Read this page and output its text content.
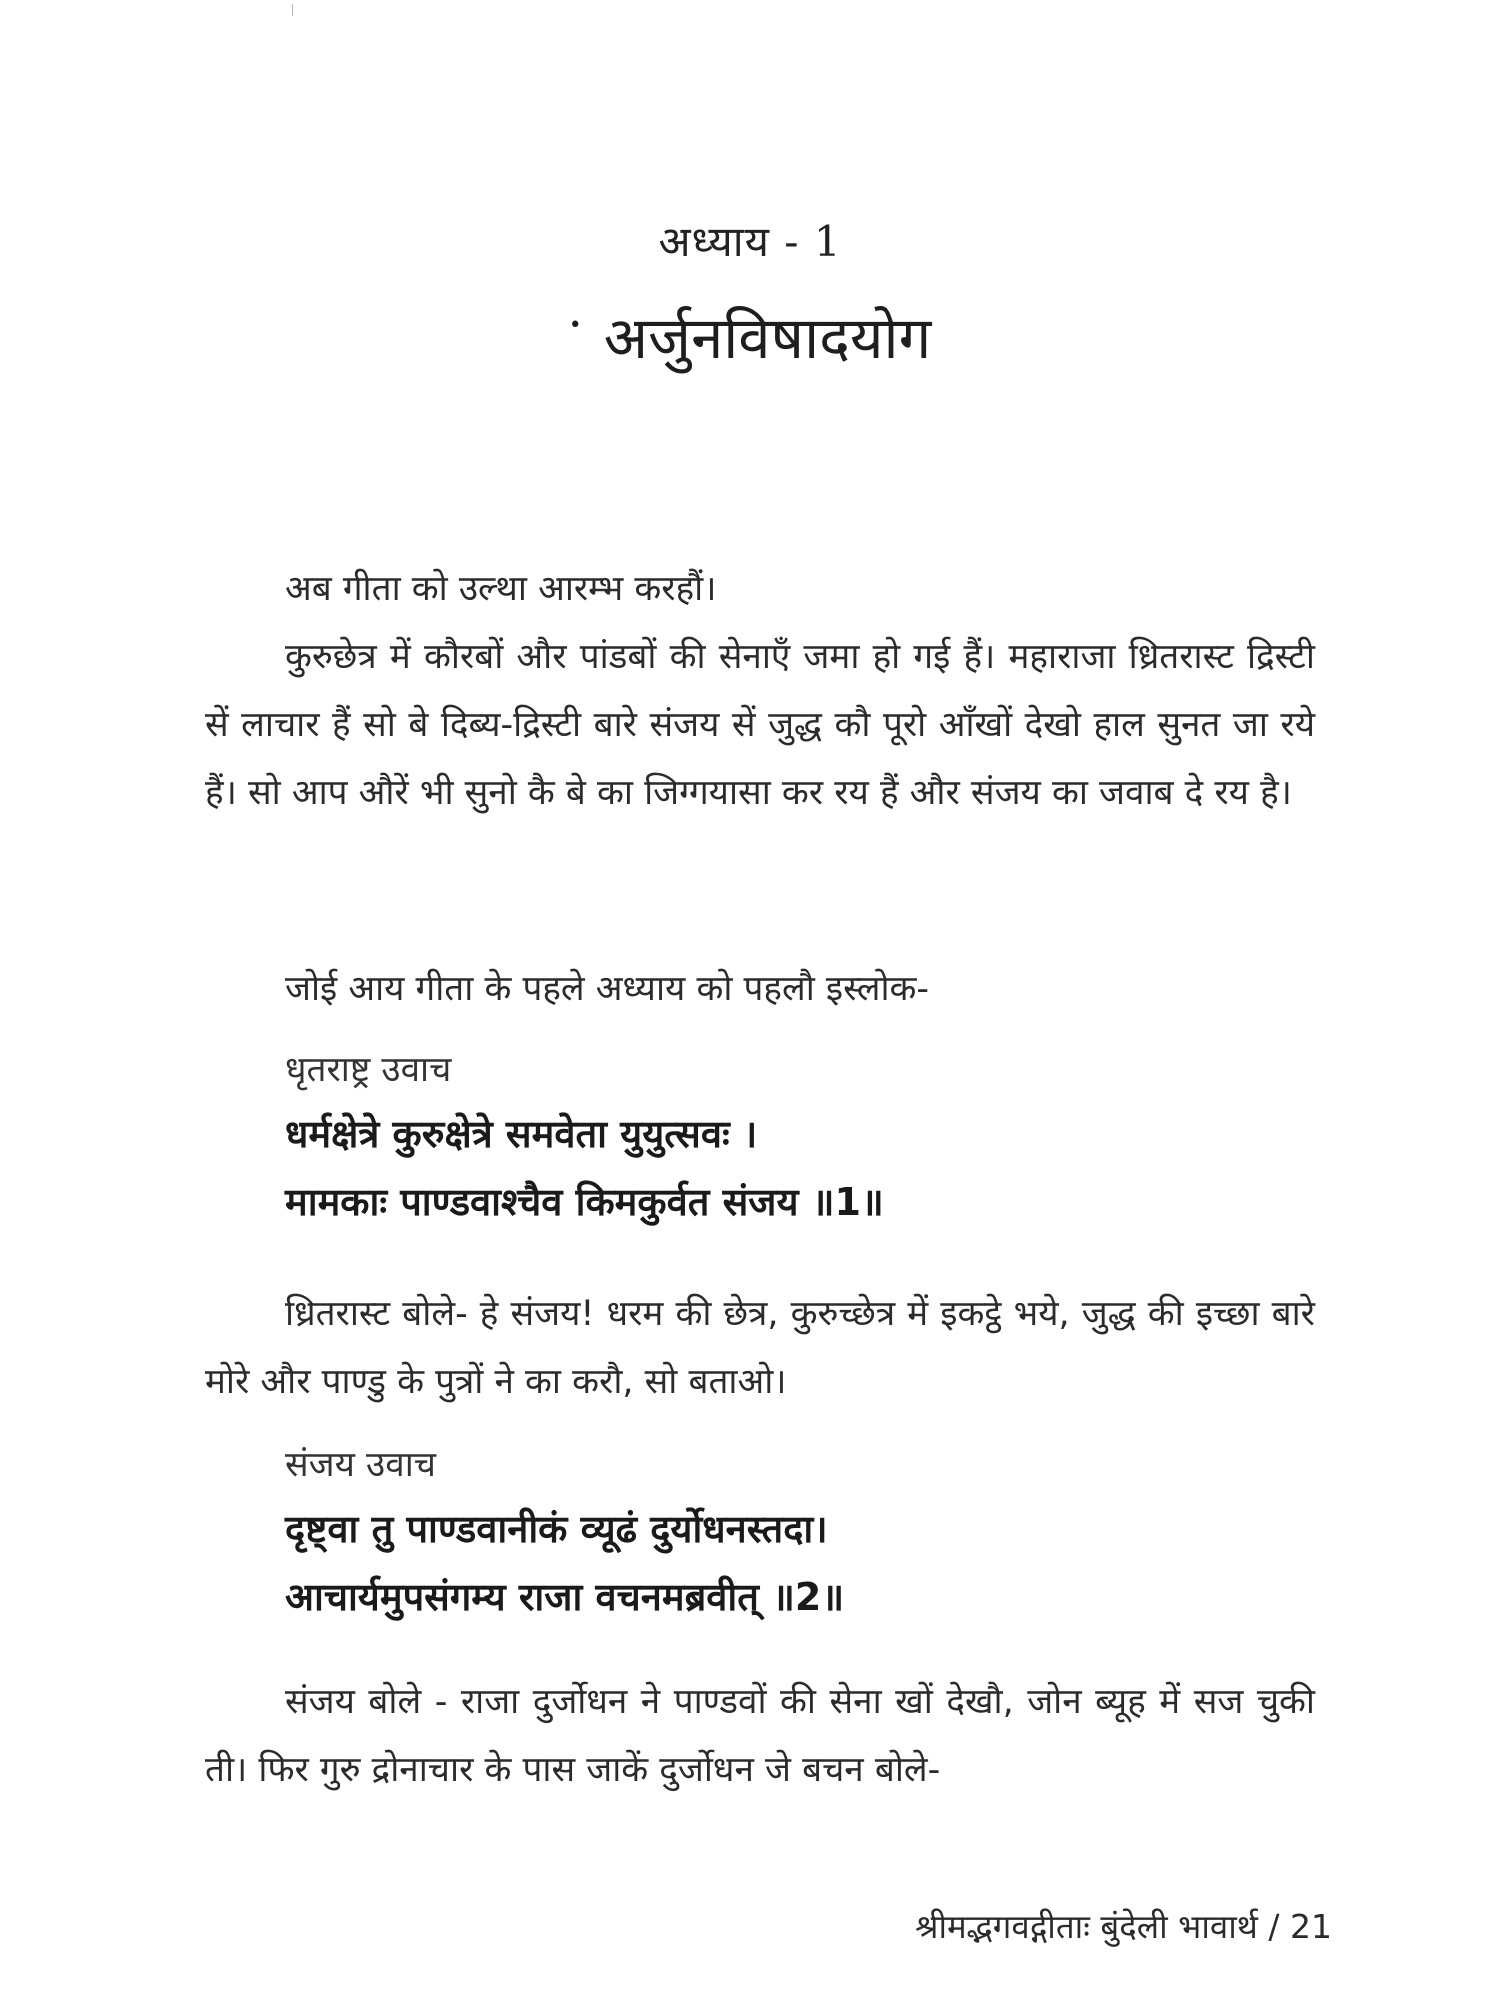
अध्याय - 1
• अर्जुनविषादयोग

अब गीता को उल्था आरम्भ करहौं।

कुरुछेत्र में कौरबों और पांडबों की सेनाएँ जमा हो गई हैं। महाराजा ध्रितरास्ट द्रिस्टी सें लाचार हैं सो बे दिब्य-द्रिस्टी बारे संजय सें जुद्ध कौ पूरो आँखों देखो हाल सुनत जा रये हैं। सो आप औरें भी सुनो कै बे का जिग्गयासा कर रय हैं और संजय का जवाब दे रय है।

जोई आय गीता के पहले अध्याय को पहलौ इस्लोक-
धृतराष्ट्र उवाच
धर्मक्षेत्रे कुरुक्षेत्रे समवेता युयुत्सवः ।
मामकाः पाण्डवाश्चैव किमकुर्वत संजय ॥1॥

ध्रितरास्ट बोले- हे संजय! धरम की छेत्र, कुरुच्छेत्र में इकट्ठे भये, जुद्ध की इच्छा बारे मोरे और पाण्डु के पुत्रों ने का करौ, सो बताओ।

संजय उवाच
दृष्ट्वा तु पाण्डवानीकं व्यूढं दुर्योधनस्तदा।
आचार्यमुपसंगम्य राजा वचनमब्रवीत् ॥2॥

संजय बोले - राजा दुर्जोधन ने पाण्डवों की सेना खों देखौ, जोन ब्यूह में सज चुकी ती। फिर गुरु द्रोनाचार के पास जाकें दुर्जोधन जे बचन बोले-

श्रीमद्भगवद्गीताः बुंदेली भावार्थ / 21
